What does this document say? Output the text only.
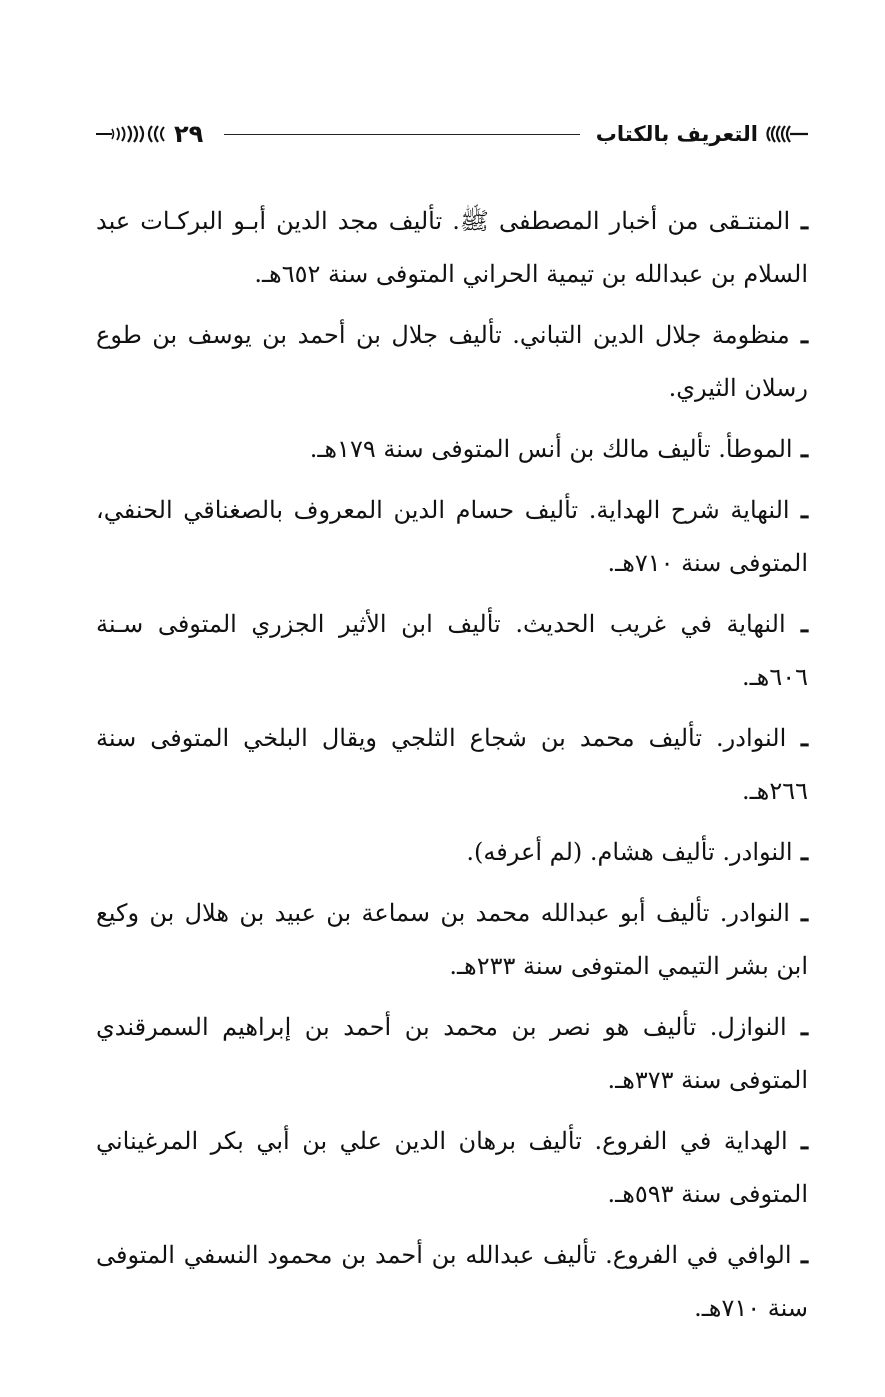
التعريف بالكتاب
٢٩

ـ المنتـقى من أخبار المصطفى ﷺ. تأليف مجد الدين أبـو البركـات عبد السلام بن عبدالله بن تيمية الحراني المتوفى سنة ٦٥٢هـ.

ـ منظومة جلال الدين التباني. تأليف جلال بن أحمد بن يوسف بن طوع رسلان الثيري.

ـ الموطأ. تأليف مالك بن أنس المتوفى سنة ١٧٩هـ.

ـ النهاية شرح الهداية. تأليف حسام الدين المعروف بالصغناقي الحنفي، المتوفى سنة ٧١٠هـ.

ـ النهاية في غريب الحديث. تأليف ابن الأثير الجزري المتوفى سـنة ٦٠٦هـ.

ـ النوادر. تأليف محمد بن شجاع الثلجي ويقال البلخي المتوفى سنة ٢٦٦هـ.

ـ النوادر. تأليف هشام. (لم أعرفه).

ـ النوادر. تأليف أبو عبدالله محمد بن سماعة بن عبيد بن هلال بن وكيع ابن بشر التيمي المتوفى سنة ٢٣٣هـ.

ـ النوازل. تأليف هو نصر بن محمد بن أحمد بن إبراهيم السمرقندي المتوفى سنة ٣٧٣هـ.

ـ الهداية في الفروع. تأليف برهان الدين علي بن أبي بكر المرغيناني المتوفى سنة ٥٩٣هـ.

ـ الوافي في الفروع. تأليف عبدالله بن أحمد بن محمود النسفي المتوفى سنة ٧١٠هـ.
